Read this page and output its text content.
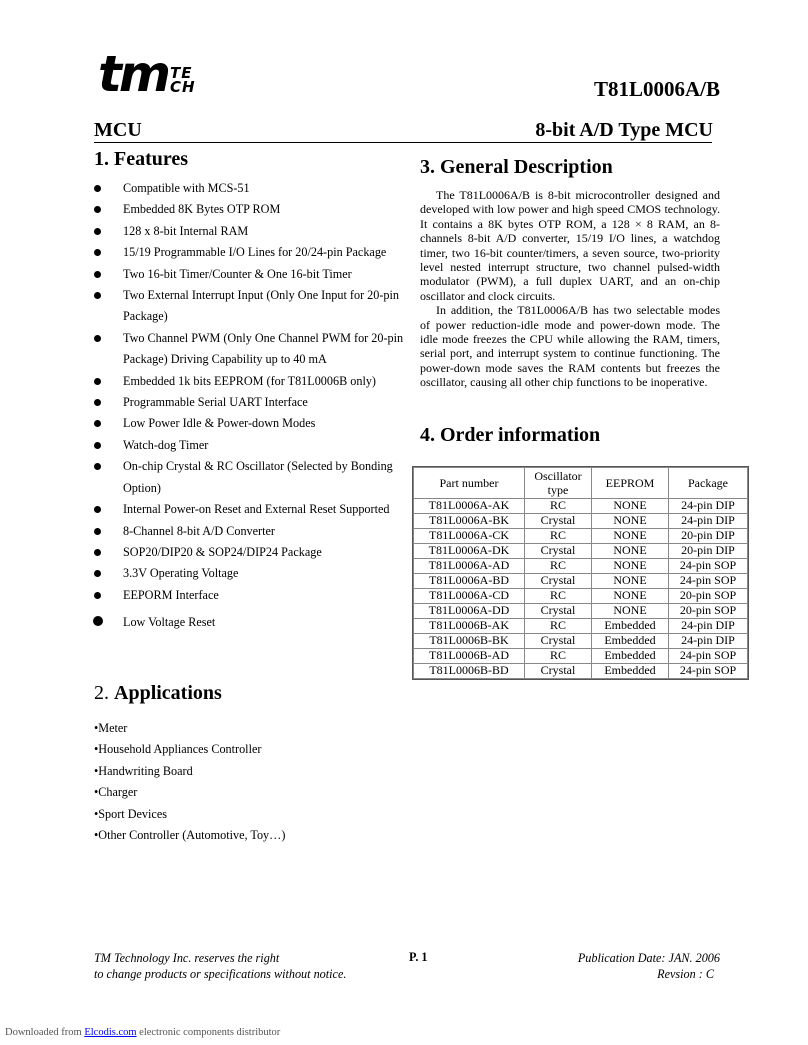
tm TE
CH	T81L0006A/B
MCU	8-bit A/D Type MCU
1. Features
Compatible with MCS-51
Embedded 8K Bytes OTP ROM
128 x 8-bit Internal RAM
15/19 Programmable I/O Lines for 20/24-pin Package
Two 16-bit Timer/Counter & One 16-bit Timer
Two External Interrupt Input (Only One Input for 20-pin Package)
Two Channel PWM (Only One Channel PWM for 20-pin Package) Driving Capability up to 40 mA
Embedded 1k bits EEPROM (for T81L0006B only)
Programmable Serial UART Interface
Low Power Idle & Power-down Modes
Watch-dog Timer
On-chip Crystal & RC Oscillator (Selected by Bonding Option)
Internal Power-on Reset and External Reset Supported
8-Channel 8-bit A/D Converter
SOP20/DIP20 & SOP24/DIP24 Package
3.3V Operating Voltage
EEPORM Interface
Low Voltage Reset
2. Applications
•Meter
•Household Appliances Controller
•Handwriting Board
•Charger
•Sport Devices
•Other Controller (Automotive, Toy…)
3. General Description

The T81L0006A/B is 8-bit microcontroller designed and developed with low power and high speed CMOS technology. It contains a 8K bytes OTP ROM, a 128 × 8 RAM, an 8-channels 8-bit A/D converter, 15/19 I/O lines, a watchdog timer, two 16-bit counter/timers, a seven source, two-priority level nested interrupt structure, two channel pulsed-width modulator (PWM), a full duplex UART, and an on-chip oscillator and clock circuits.

In addition, the T81L0006A/B has two selectable modes of power reduction-idle mode and power-down mode. The idle mode freezes the CPU while allowing the RAM, timers, serial port, and interrupt system to continue functioning. The power-down mode saves the RAM contents but freezes the oscillator, causing all other chip functions to be inoperative.

4. Order information
Part number	Oscillator type	EEPROM	Package
T81L0006A-AK	RC	NONE	24-pin DIP
T81L0006A-BK	Crystal	NONE	24-pin DIP
T81L0006A-CK	RC	NONE	20-pin DIP
T81L0006A-DK	Crystal	NONE	20-pin DIP
T81L0006A-AD	RC	NONE	24-pin SOP
T81L0006A-BD	Crystal	NONE	24-pin SOP
T81L0006A-CD	RC	NONE	20-pin SOP
T81L0006A-DD	Crystal	NONE	20-pin SOP
T81L0006B-AK	RC	Embedded	24-pin DIP
T81L0006B-BK	Crystal	Embedded	24-pin DIP
T81L0006B-AD	RC	Embedded	24-pin SOP
T81L0006B-BD	Crystal	Embedded	24-pin SOP
TM Technology Inc. reserves the right
to change products or specifications without notice.
P. 1	Publication Date: JAN. 2006
Revsion : C
Downloaded from Elcodis.com electronic components distributor
